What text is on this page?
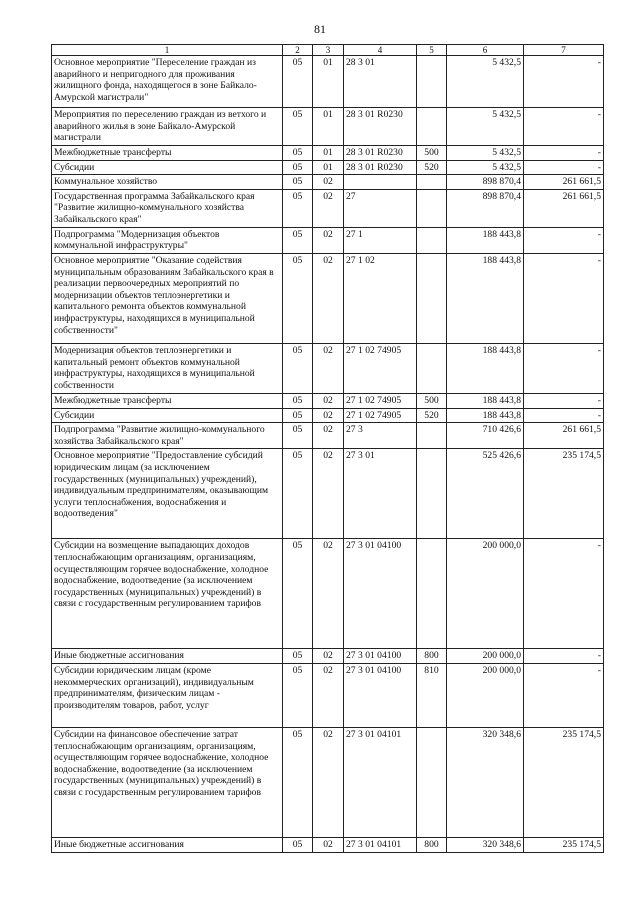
81
1	2	3	4	5	6	7
Основное мероприятие "Переселение граждан из аварийного и непригодного для проживания жилищного фонда, находящегося в зоне Байкало-Амурской магистрали"	05	01	28 3 01		5 432,5	-
Мероприятия по переселению граждан из ветхого и аварийного жилья в зоне Байкало-Амурской магистрали	05	01	28 3 01 R0230		5 432,5	-
Межбюджетные трансферты	05	01	28 3 01 R0230	500	5 432,5	-
Субсидии	05	01	28 3 01 R0230	520	5 432,5	-
Коммунальное хозяйство	05	02			898 870,4	261 661,5
Государственная программа Забайкальского края "Развитие жилищно-коммунального хозяйства Забайкальского края"	05	02	27		898 870,4	261 661,5
Подпрограмма "Модернизация объектов коммунальной инфраструктуры"	05	02	27 1		188 443,8	-
Основное мероприятие "Оказание содействия муниципальным образованиям Забайкальского края в реализации первоочередных мероприятий по модернизации объектов теплоэнергетики и капитального ремонта объектов коммунальной инфраструктуры, находящихся в муниципальной собственности"	05	02	27 1 02		188 443,8	-
Модернизация объектов теплоэнергетики и капитальный ремонт объектов коммунальной инфраструктуры, находящихся в муниципальной собственности	05	02	27 1 02 74905		188 443,8	-
Межбюджетные трансферты	05	02	27 1 02 74905	500	188 443,8	-
Субсидии	05	02	27 1 02 74905	520	188 443,8	-
Подпрограмма "Развитие жилищно-коммунального хозяйства Забайкальского края"	05	02	27 3		710 426,6	261 661,5
Основное мероприятие "Предоставление субсидий юридическим лицам (за исключением государственных (муниципальных) учреждений), индивидуальным предпринимателям, оказывающим услуги теплоснабжения, водоснабжения и водоотведения"	05	02	27 3 01		525 426,6	235 174,5
Субсидии на возмещение выпадающих доходов теплоснабжающим организациям, организациям, осуществляющим горячее водоснабжение, холодное водоснабжение, водоотведение (за исключением государственных (муниципальных) учреждений) в связи с государственным регулированием тарифов	05	02	27 3 01 04100		200 000,0	-
Иные бюджетные ассигнования	05	02	27 3 01 04100	800	200 000,0	-
Субсидии юридическим лицам (кроме некоммерческих организаций), индивидуальным предпринимателям, физическим лицам - производителям товаров, работ, услуг	05	02	27 3 01 04100	810	200 000,0	-
Субсидии на финансовое обеспечение затрат теплоснабжающим организациям, организациям, осуществляющим горячее водоснабжение, холодное водоснабжение, водоотведение (за исключением государственных (муниципальных) учреждений) в связи с государственным регулированием тарифов	05	02	27 3 01 04101		320 348,6	235 174,5
Иные бюджетные ассигнования	05	02	27 3 01 04101	800	320 348,6	235 174,5
